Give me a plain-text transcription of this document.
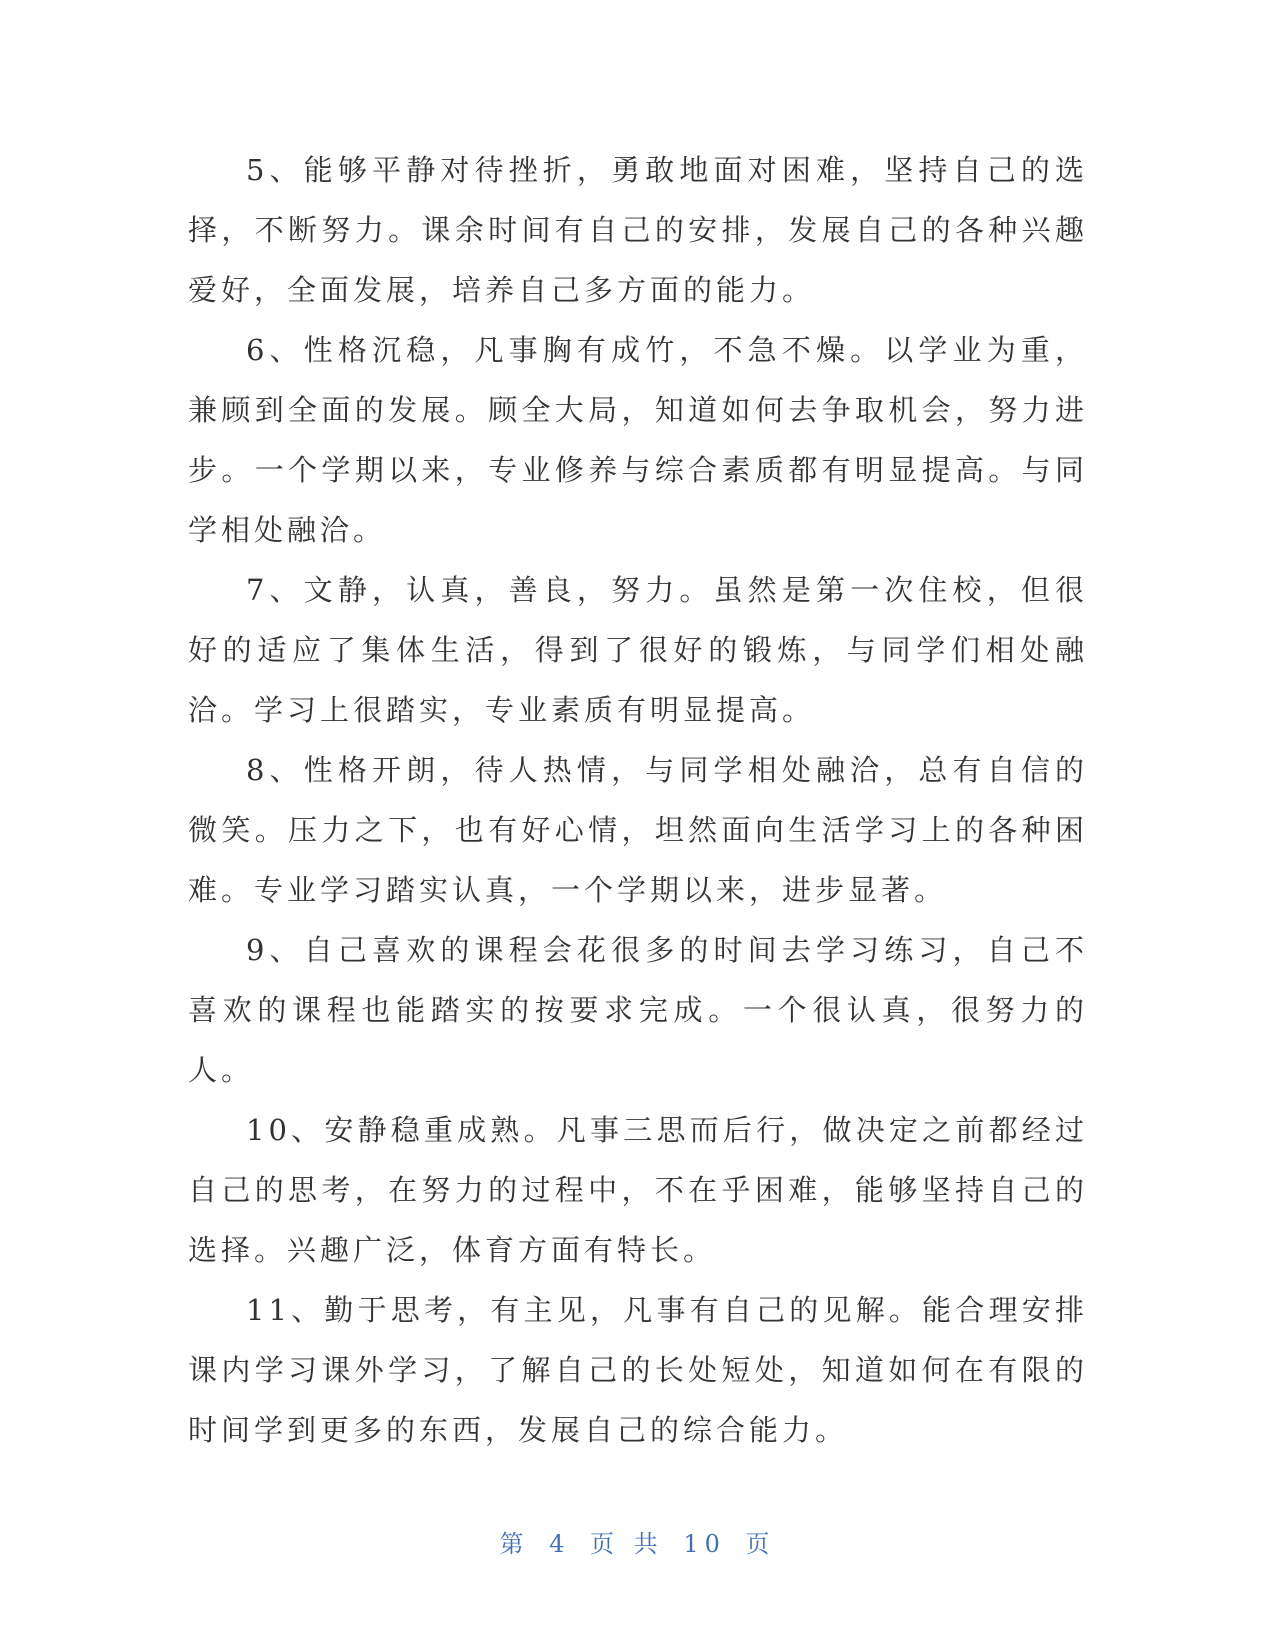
5、能够平静对待挫折，勇敢地面对困难，坚持自己的选择，不断努力。课余时间有自己的安排，发展自己的各种兴趣爱好，全面发展，培养自己多方面的能力。

6、性格沉稳，凡事胸有成竹，不急不燥。以学业为重，兼顾到全面的发展。顾全大局，知道如何去争取机会，努力进步。一个学期以来，专业修养与综合素质都有明显提高。与同学相处融洽。

7、文静，认真，善良，努力。虽然是第一次住校，但很好的适应了集体生活，得到了很好的锻炼，与同学们相处融洽。学习上很踏实，专业素质有明显提高。

8、性格开朗，待人热情，与同学相处融洽，总有自信的微笑。压力之下，也有好心情，坦然面向生活学习上的各种困难。专业学习踏实认真，一个学期以来，进步显著。

9、自己喜欢的课程会花很多的时间去学习练习，自己不喜欢的课程也能踏实的按要求完成。一个很认真，很努力的人。

10、安静稳重成熟。凡事三思而后行，做决定之前都经过自己的思考，在努力的过程中，不在乎困难，能够坚持自己的选择。兴趣广泛，体育方面有特长。

11、勤于思考，有主见，凡事有自己的见解。能合理安排课内学习课外学习，了解自己的长处短处，知道如何在有限的时间学到更多的东西，发展自己的综合能力。

第 4 页 共 10 页
